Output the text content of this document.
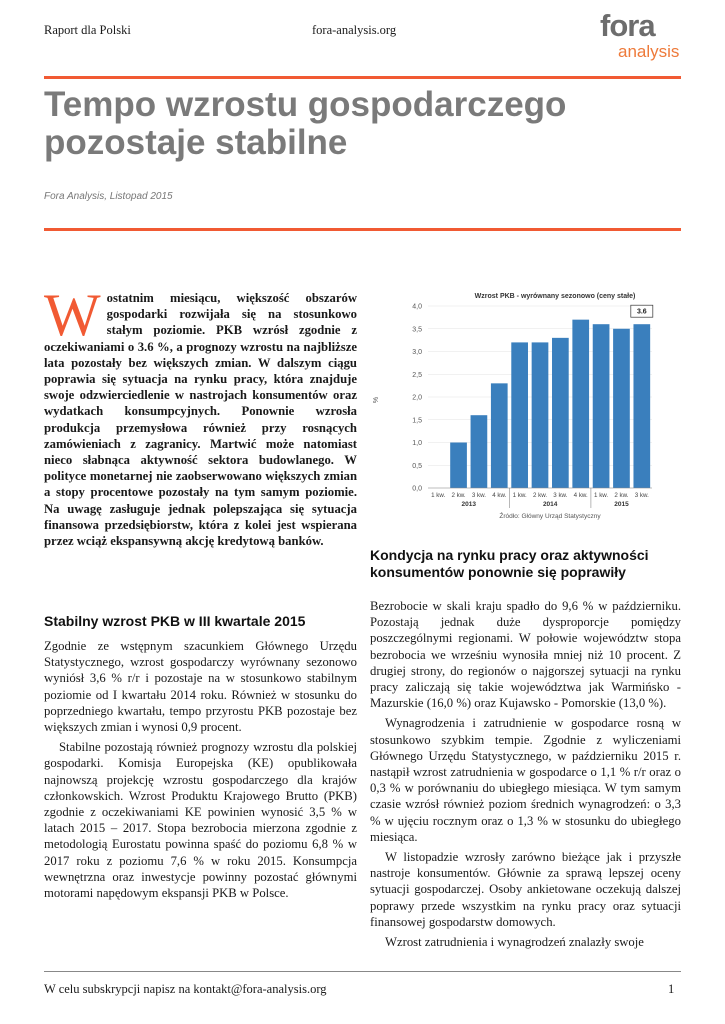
Raport dla Polski	fora-analysis.org	fora
analysis
Tempo wzrostu gospodarczego pozostaje stabilne
Fora Analysis, Listopad 2015
Wostatnim miesiącu, większość obszarów gospodarki rozwijała się na stosunkowo stałym poziomie. PKB wzrósł zgodnie z oczekiwaniami o 3.6 %, a prognozy wzrostu na najbliższe lata pozostały bez większych zmian. W dalszym ciągu poprawia się sytuacja na rynku pracy, która znajduje swoje odzwierciedlenie w nastrojach konsumentów oraz wydatkach konsumpcyjnych. Ponownie wzrosła produkcja przemysłowa również przy rosnących zamówieniach z zagranicy. Martwić może natomiast nieco słabnąca aktywność sektora budowlanego. W polityce monetarnej nie zaobserwowano większych zmian a stopy procentowe pozostały na tym samym poziomie. Na uwagę zasługuje jednak polepszająca się sytuacja finansowa przedsiębiorstw, która z kolei jest wspierana przez wciąż ekspansywną akcję kredytową banków.
Stabilny wzrost PKB w III kwartale 2015

Zgodnie ze wstępnym szacunkiem Głównego Urzędu Statystycznego, wzrost gospodarczy wyrównany sezonowo wyniósł 3,6 % r/r i pozostaje na w stosunkowo stabilnym poziomie od I kwartału 2014 roku. Również w stosunku do poprzedniego kwartału, tempo przyrostu PKB pozostaje bez większych zmian i wynosi 0,9 procent.

Stabilne pozostają również prognozy wzrostu dla polskiej gospodarki. Komisja Europejska (KE) opublikowała najnowszą projekcję wzrostu gospodarczego dla krajów członkowskich. Wzrost Produktu Krajowego Brutto (PKB) zgodnie z oczekiwaniami KE powinien wynosić 3,5 % w latach 2015 – 2017. Stopa bezrobocia mierzona zgodnie z metodologią Eurostatu powinna spaść do poziomu 6,8 % w 2017 roku z poziomu 7,6 % w roku 2015. Konsumpcja wewnętrzna oraz inwestycje powinny pozostać głównymi motorami napędowym ekspansji PKB w Polsce.

Wzrost PKB - wyrównany sezonowo (ceny stałe)
%
0,0
0,5
1,0
1,5
2,0
2,5
3,0
3,5
4,0
1 kw. 2 kw. 3 kw. 4 kw. 1 kw. 2 kw. 3 kw. 4 kw. 1 kw. 2 kw. 3 kw.
2013	2014	2015
3.6
Źródło: Główny Urząd Statystyczny
Kondycja na rynku pracy oraz aktywności konsumentów ponownie się poprawiły

Bezrobocie w skali kraju spadło do 9,6 % w październiku. Pozostają jednak duże dysproporcje pomiędzy poszczególnymi regionami. W połowie województw stopa bezrobocia we wrześniu wynosiła mniej niż 10 procent. Z drugiej strony, do regionów o najgorszej sytuacji na rynku pracy zaliczają się takie województwa jak Warmińsko - Mazurskie (16,0 %) oraz Kujawsko - Pomorskie (13,0 %).

Wynagrodzenia i zatrudnienie w gospodarce rosną w stosunkowo szybkim tempie. Zgodnie z wyliczeniami Głównego Urzędu Statystycznego, w październiku 2015 r. nastąpił wzrost zatrudnienia w gospodarce o 1,1 % r/r oraz o 0,3 % w porównaniu do ubiegłego miesiąca. W tym samym czasie wzrósł również poziom średnich wynagrodzeń: o 3,3 % w ujęciu rocznym oraz o 1,3 % w stosunku do ubiegłego miesiąca.

W listopadzie wzrosły zarówno bieżące jak i przyszłe nastroje konsumentów. Głównie za sprawą lepszej oceny sytuacji gospodarczej. Osoby ankietowane oczekują dalszej poprawy przede wszystkim na rynku pracy oraz sytuacji finansowej gospodarstw domowych.

Wzrost zatrudnienia i wynagrodzeń znalazły swoje

W celu subskrypcji napisz na kontakt@fora-analysis.org	1
